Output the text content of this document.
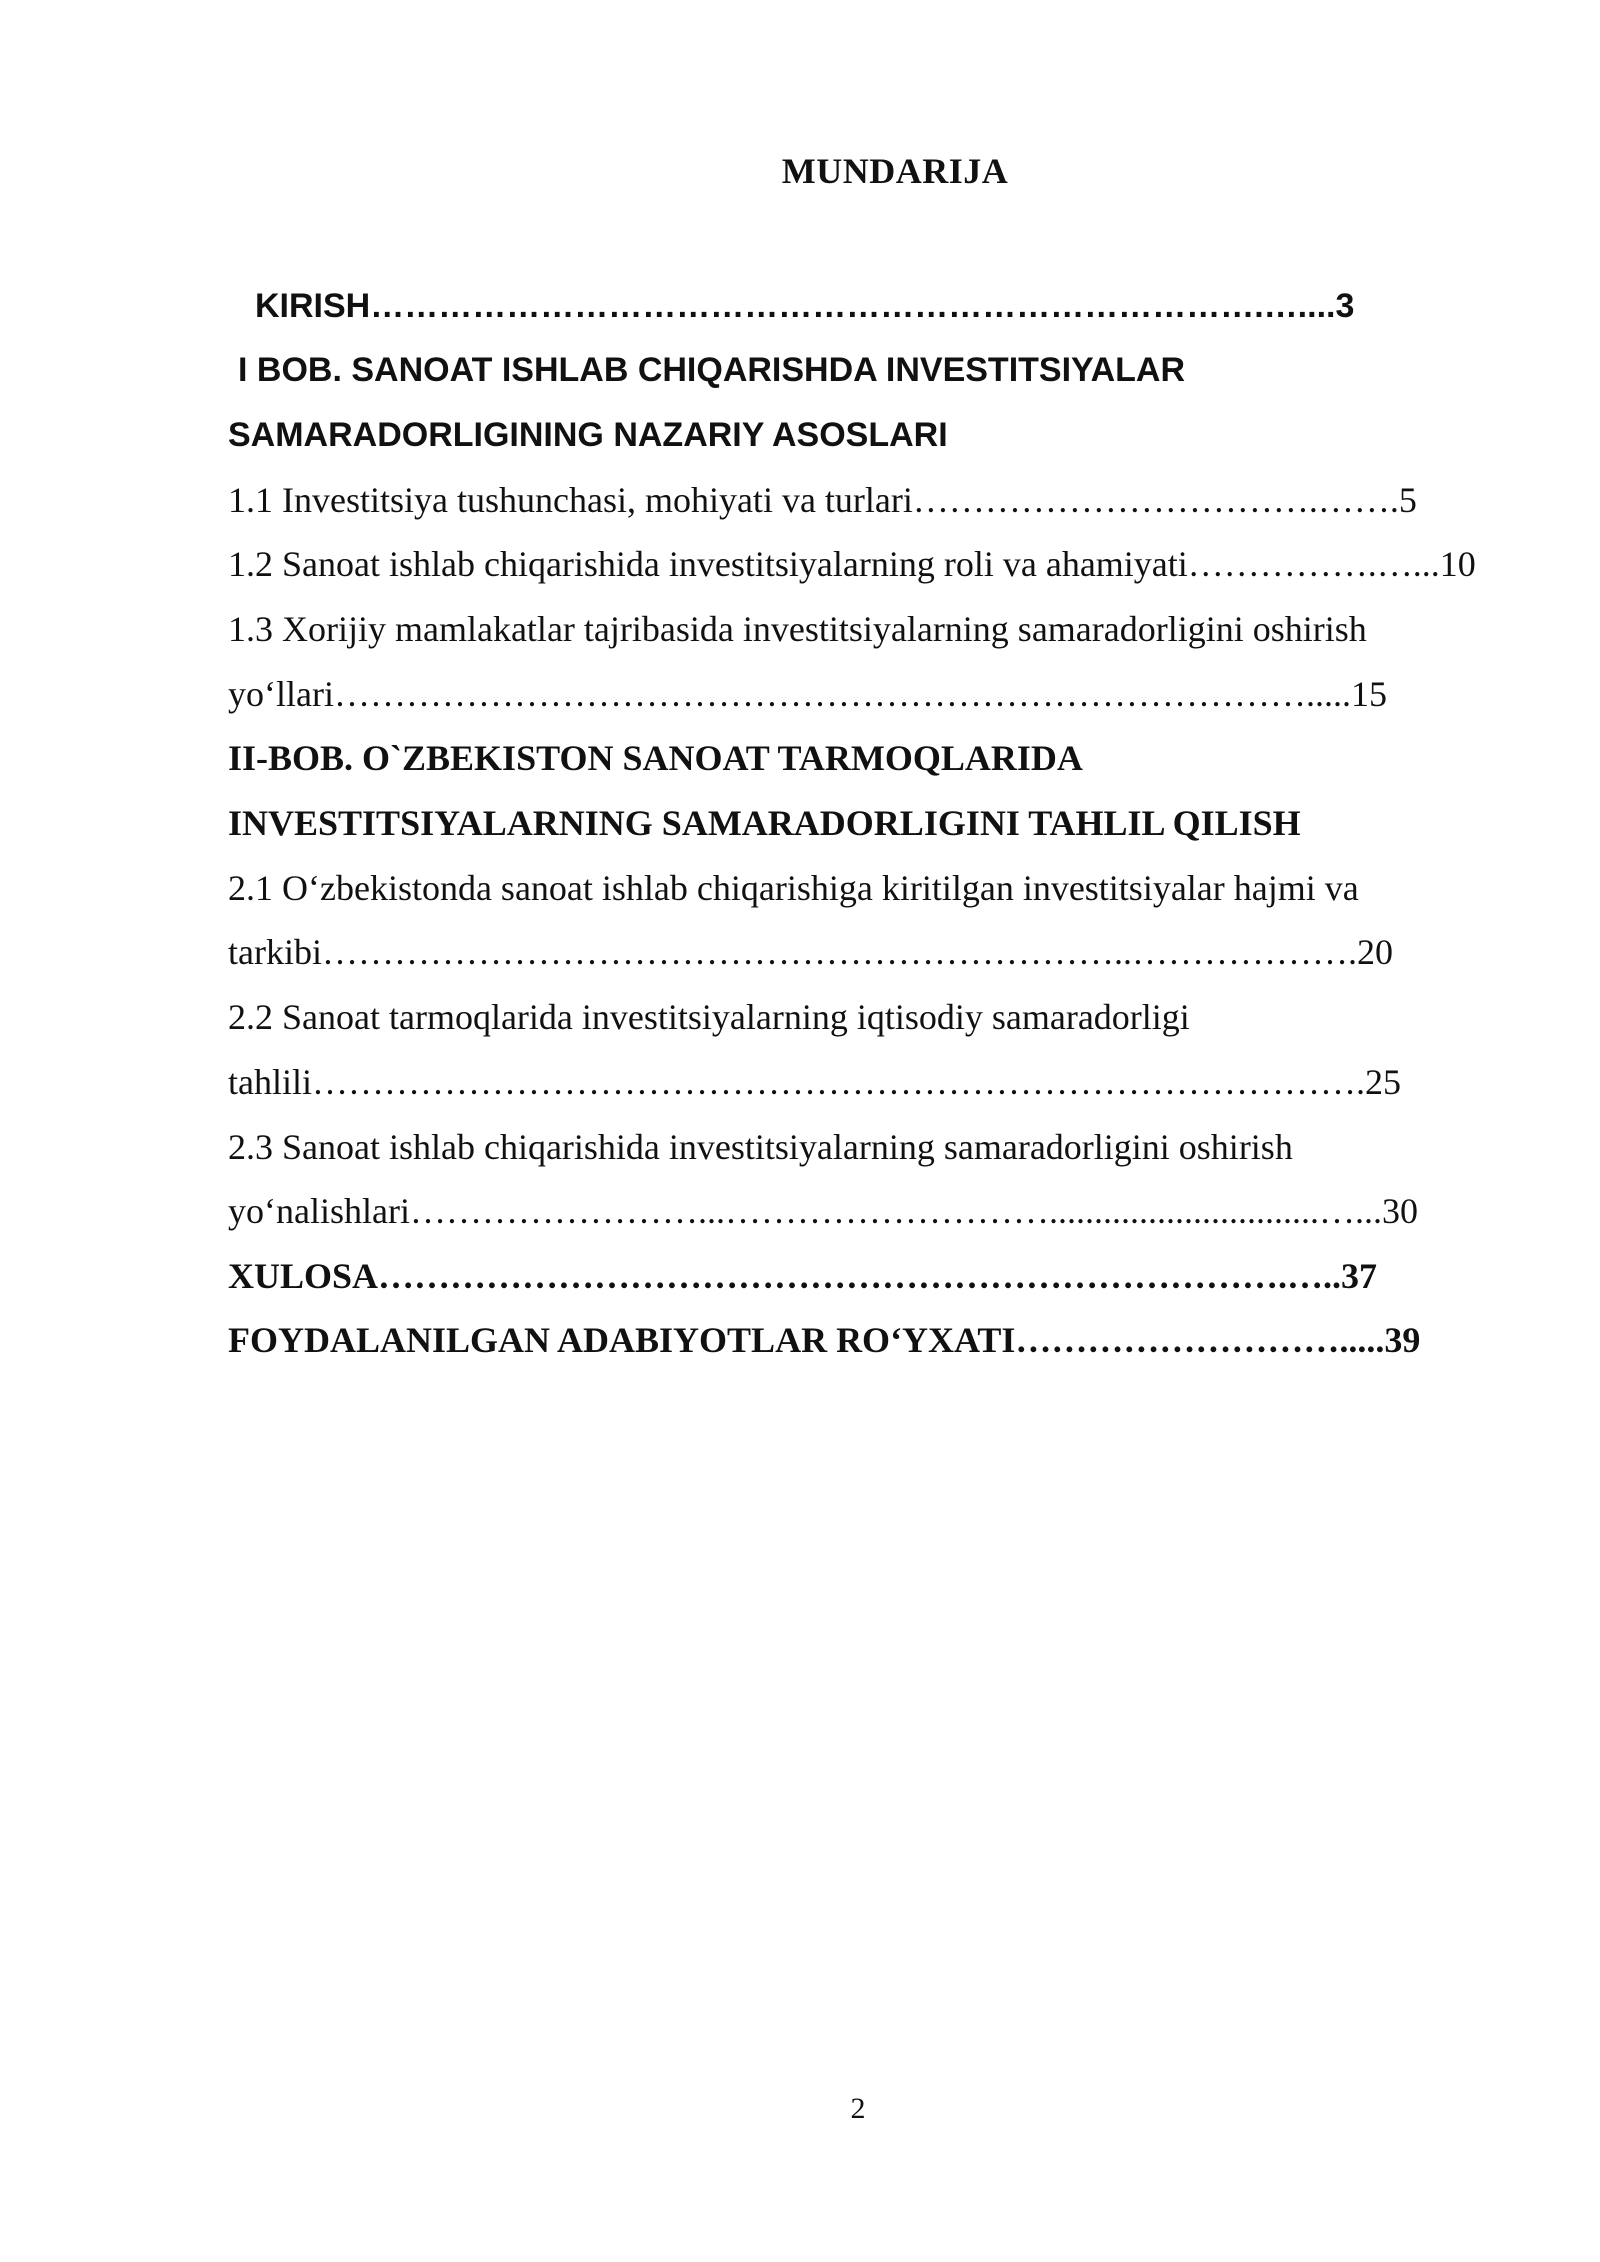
MUNDARIJA
KIRISH…………………………………………………………………….…....3
I BOB. SANOAT ISHLAB CHIQARISHDA INVESTITSIYALAR
SAMARADORLIGINING NAZARIY ASOSLARI
1.1 Investitsiya tushunchasi, mohiyati va turlari…………………………….…….5
1.2 Sanoat ishlab chiqarishida investitsiyalarning roli va ahamiyati…………….…...10
1.3 Xorijiy mamlakatlar tajribasida investitsiyalarning samaradorligini oshirish
yo‘llari……………………………………………………………………….....15
II-BOB. O`ZBEKISTON SANOAT TARMOQLARIDA
INVESTITSIYALARNING SAMARADORLIGINI TAHLIL QILISH
2.1 O‘zbekistonda sanoat ishlab chiqarishiga kiritilgan investitsiyalar hajmi va
tarkibi…………………………………………………………..……………….20
2.2 Sanoat tarmoqlarida investitsiyalarning iqtisodiy samaradorligi
tahlili…………………………………………………………………………….25
2.3 Sanoat ishlab chiqarishida investitsiyalarning samaradorligini oshirish
yo‘nalishlari……………………...………………………..............................…...30
XULOSA………………………………………………………………….…..37
FOYDALANILGAN ADABIYOTLAR RO‘YXATI……………………….....39
2
